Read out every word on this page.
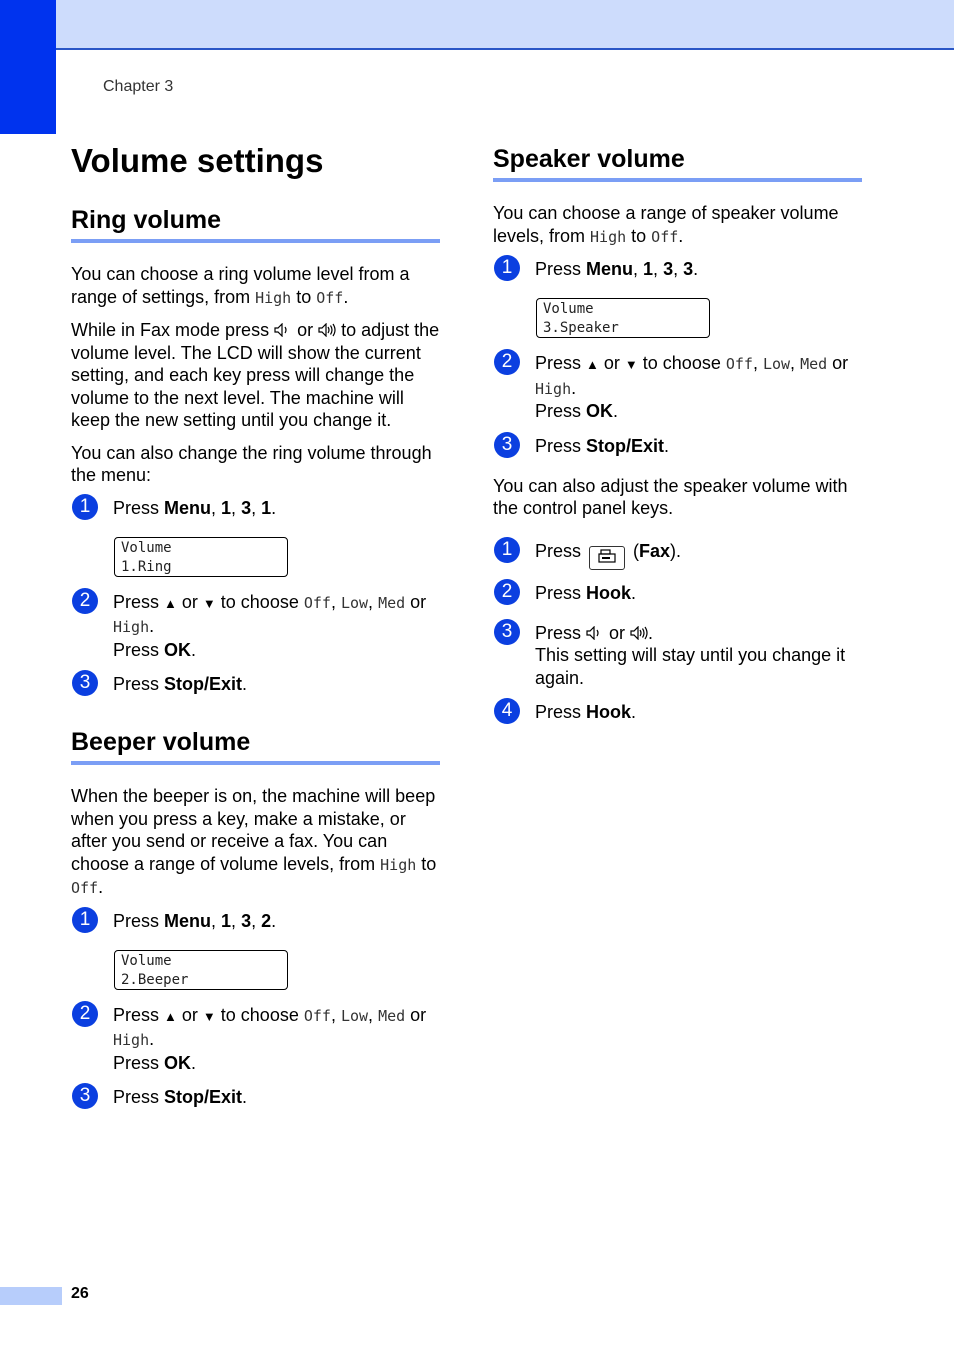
Chapter 3
Volume settings
Ring volume

You can choose a ring volume level from a range of settings, from High to Off.

While in Fax mode press  or  to adjust the volume level. The LCD will show the current setting, and each key press will change the volume to the next level. The machine will keep the new setting until you change it.

You can also change the ring volume through the menu:

1	Press Menu, 1, 3, 1.
Volume
1.Ring
2	Press ▲ or ▼ to choose Off, Low, Med or High.
Press OK.
3	Press Stop/Exit.
Beeper volume

When the beeper is on, the machine will beep when you press a key, make a mistake, or after you send or receive a fax. You can choose a range of volume levels, from High to Off.

1	Press Menu, 1, 3, 2.
Volume
2.Beeper
2	Press ▲ or ▼ to choose Off, Low, Med or High.
Press OK.
3	Press Stop/Exit.
Speaker volume

You can choose a range of speaker volume levels, from High to Off.

1	Press Menu, 1, 3, 3.
Volume
3.Speaker
2	Press ▲ or ▼ to choose Off, Low, Med or High.
Press OK.
3	Press Stop/Exit.

You can also adjust the speaker volume with the control panel keys.

1	Press  (Fax).
2	Press Hook.
3	Press  or .
This setting will stay until you change it again.
4	Press Hook.
26
